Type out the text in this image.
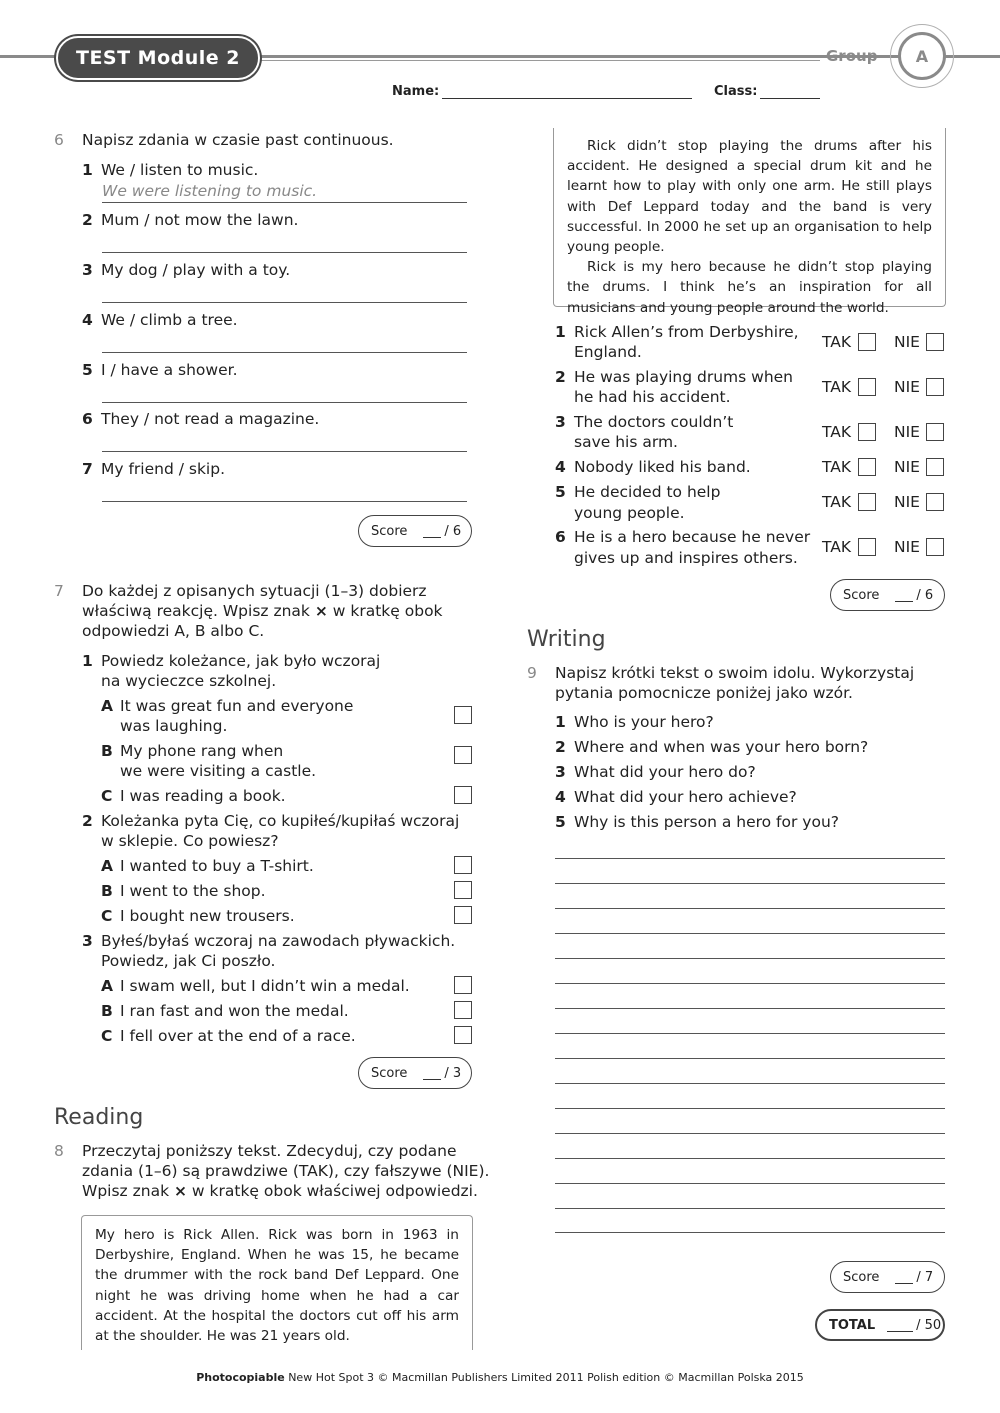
TEST Module 2	Group	A
Name:	Class:
6 Napisz zdania w czasie past continuous.
1 We / listen to music.
We were listening to music.
2 Mum / not mow the lawn.
3 My dog / play with a toy.
4 We / climb a tree.
5 I / have a shower.
6 They / not read a magazine.
7 My friend / skip.
Score	/ 6
7 Do każdej z opisanych sytuacji (1–3) dobierz
właściwą reakcję. Wpisz znak × w kratkę obok
odpowiedzi A, B albo C.
1 Powiedz koleżance, jak było wczoraj
na wycieczce szkolnej.
A It was great fun and everyone
was laughing.
B My phone rang when
we were visiting a castle.
C I was reading a book.
2 Koleżanka pyta Cię, co kupiłeś/kupiłaś wczoraj
w sklepie. Co powiesz?
A I wanted to buy a T-shirt.
B I went to the shop.
C I bought new trousers.
3 Byłeś/byłaś wczoraj na zawodach pływackich.
Powiedz, jak Ci poszło.
A I swam well, but I didn’t win a medal.
B I ran fast and won the medal.
C I fell over at the end of a race.
Score	/ 3
Reading
8 Przeczytaj poniższy tekst. Zdecyduj, czy podane
zdania (1–6) są prawdziwe (TAK), czy fałszywe (NIE).
Wpisz znak × w kratkę obok właściwej odpowiedzi.

My hero is Rick Allen. Rick was born in 1963 in Derbyshire, England. When he was 15, he became the drummer with the rock band Def Leppard. One night he was driving home when he had a car accident. At the hospital the doctors cut off his arm at the shoulder. He was 21 years old.

Rick didn’t stop playing the drums after his accident. He designed a special drum kit and he learnt how to play with only one arm. He still plays with Def Leppard today and the band is very successful. In 2000 he set up an organisation to help young people.

Rick is my hero because he didn’t stop playing the drums. I think he’s an inspiration for all musicians and young people around the world.

1 Rick Allen’s from Derbyshire,
England.
TAK	NIE
2 He was playing drums when
he had his accident.
TAK	NIE
3 The doctors couldn’t
save his arm.
TAK	NIE
4 Nobody liked his band.	TAK	NIE
5 He decided to help
young people.
TAK	NIE
6 He is a hero because he never
gives up and inspires others.
TAK	NIE
Score	/ 6
Writing
9 Napisz krótki tekst o swoim idolu. Wykorzystaj
pytania pomocnicze poniżej jako wzór.
1 Who is your hero?
2 Where and when was your hero born?
3 What did your hero do?
4 What did your hero achieve?
5 Why is this person a hero for you?
Score	/ 7
TOTAL	/ 50
Photocopiable New Hot Spot 3 © Macmillan Publishers Limited 2011 Polish edition © Macmillan Polska 2015
